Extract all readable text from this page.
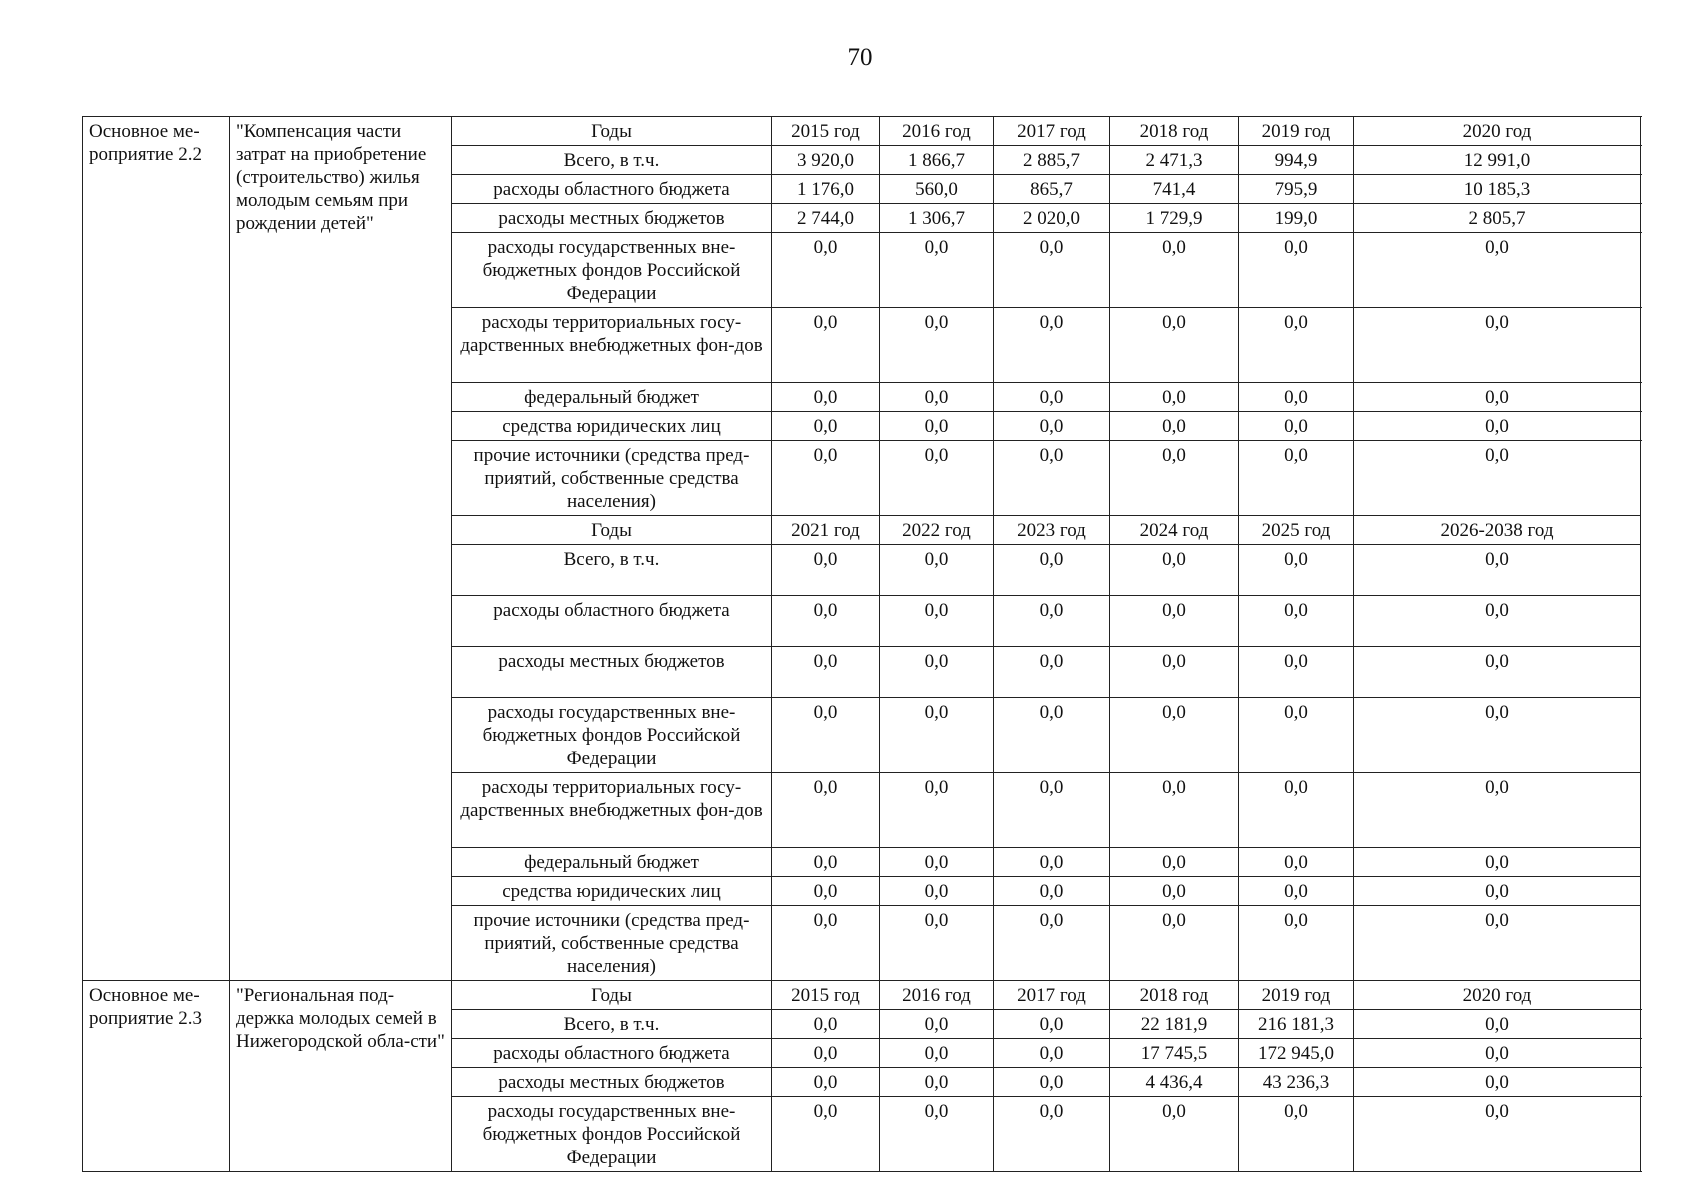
70
Основное ме-роприятие 2.2	"Компенсация части затрат на приобретение (строительство) жилья молодым семьям при рождении детей"	Годы	2015 год	2016 год	2017 год	2018 год	2019 год	2020 год	
		Всего, в т.ч.	3 920,0	1 866,7	2 885,7	2 471,3	994,9	12 991,0	
		расходы областного бюджета	1 176,0	560,0	865,7	741,4	795,9	10 185,3	
		расходы местных бюджетов	2 744,0	1 306,7	2 020,0	1 729,9	199,0	2 805,7	
		расходы государственных вне-бюджетных фондов Российской Федерации	0,0	0,0	0,0	0,0	0,0	0,0	
		расходы территориальных госу-дарственных внебюджетных фон-дов	0,0	0,0	0,0	0,0	0,0	0,0	
		федеральный бюджет	0,0	0,0	0,0	0,0	0,0	0,0	
		средства юридических лиц	0,0	0,0	0,0	0,0	0,0	0,0	
		прочие источники (средства пред-приятий, собственные средства населения)	0,0	0,0	0,0	0,0	0,0	0,0	
		Годы	2021 год	2022 год	2023 год	2024 год	2025 год	2026-2038 год	
		Всего, в т.ч.	0,0	0,0	0,0	0,0	0,0	0,0	
		расходы областного бюджета	0,0	0,0	0,0	0,0	0,0	0,0	
		расходы местных бюджетов	0,0	0,0	0,0	0,0	0,0	0,0	
		расходы государственных вне-бюджетных фондов Российской Федерации	0,0	0,0	0,0	0,0	0,0	0,0	
		расходы территориальных госу-дарственных внебюджетных фон-дов	0,0	0,0	0,0	0,0	0,0	0,0	
		федеральный бюджет	0,0	0,0	0,0	0,0	0,0	0,0	
		средства юридических лиц	0,0	0,0	0,0	0,0	0,0	0,0	
		прочие источники (средства пред-приятий, собственные средства населения)	0,0	0,0	0,0	0,0	0,0	0,0	
Основное ме-роприятие 2.3	"Региональная под-держка молодых семей в Нижегородской обла-сти"	Годы	2015 год	2016 год	2017 год	2018 год	2019 год	2020 год	
		Всего, в т.ч.	0,0	0,0	0,0	22 181,9	216 181,3	0,0	
		расходы областного бюджета	0,0	0,0	0,0	17 745,5	172 945,0	0,0	
		расходы местных бюджетов	0,0	0,0	0,0	4 436,4	43 236,3	0,0	
		расходы государственных вне-бюджетных фондов Российской Федерации	0,0	0,0	0,0	0,0	0,0	0,0	
